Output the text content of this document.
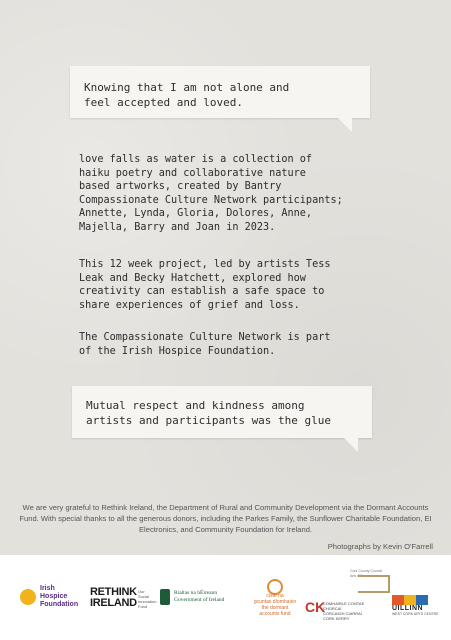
Knowing that I am not alone and
feel accepted and loved.
love falls as water is a collection of
haiku poetry and collaborative nature
based artworks, created by Bantry
Compassionate Culture Network participants;
Annette, Lynda, Gloria, Dolores, Anne,
Majella, Barry and Joan in 2023.
This 12 week project, led by artists Tess
Leak and Becky Hatchett, explored how
creativity can establish a safe space to
share experiences of grief and loss.
The Compassionate Culture Network is part
of the Irish Hospice Foundation.
Mutual respect and kindness among
artists and participants was the glue
We are very grateful to Rethink Ireland, the Department of Rural and Community Development via the Dormant Accounts Fund. With special thanks to all the generous donors, including the Parkes Family, the Sunflower Charitable Foundation, EI Electronics, and Community Foundation for Ireland.
Photographs by Kevin O'Farrell
Irish
Hospice
Foundation
RETHINK
IRELAND
Our
Social
Innovation
Fund
Rialtas na hÉireann
Government of Ireland
ciste na
gcuntas díomhaoin
the dormant
accounts fund	CK
COMHAIRLE CONTAE CHORCAÍ
CORCAIGH CIARRAÍ
CORK KERRY
Cork County Council
Arts Office
UILLINN
WEST CORK ARTS CENTRE
